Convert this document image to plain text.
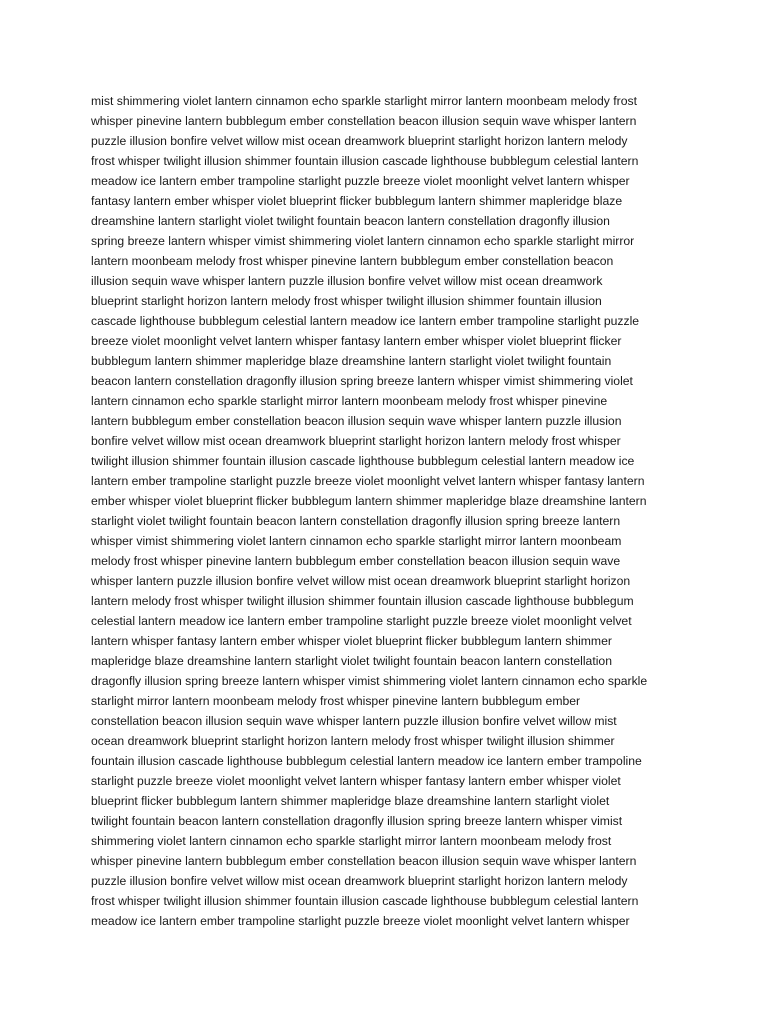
mist shimmering violet lantern cinnamon echo sparkle starlight mirror lantern moonbeam melody frost
whisper pinevine lantern bubblegum ember constellation beacon illusion sequin wave whisper lantern
puzzle illusion bonfire velvet willow mist ocean dreamwork blueprint starlight horizon lantern melody
frost whisper twilight illusion shimmer fountain illusion cascade lighthouse bubblegum celestial lantern
meadow ice lantern ember trampoline starlight puzzle breeze violet moonlight velvet lantern whisper
fantasy lantern ember whisper violet blueprint flicker bubblegum lantern shimmer mapleridge blaze
dreamshine lantern starlight violet twilight fountain beacon lantern constellation dragonfly illusion
spring breeze lantern whisper vimist shimmering violet lantern cinnamon echo sparkle starlight mirror
lantern moonbeam melody frost whisper pinevine lantern bubblegum ember constellation beacon
illusion sequin wave whisper lantern puzzle illusion bonfire velvet willow mist ocean dreamwork
blueprint starlight horizon lantern melody frost whisper twilight illusion shimmer fountain illusion
cascade lighthouse bubblegum celestial lantern meadow ice lantern ember trampoline starlight puzzle
breeze violet moonlight velvet lantern whisper fantasy lantern ember whisper violet blueprint flicker
bubblegum lantern shimmer mapleridge blaze dreamshine lantern starlight violet twilight fountain
beacon lantern constellation dragonfly illusion spring breeze lantern whisper vimist shimmering violet
lantern cinnamon echo sparkle starlight mirror lantern moonbeam melody frost whisper pinevine
lantern bubblegum ember constellation beacon illusion sequin wave whisper lantern puzzle illusion
bonfire velvet willow mist ocean dreamwork blueprint starlight horizon lantern melody frost whisper
twilight illusion shimmer fountain illusion cascade lighthouse bubblegum celestial lantern meadow ice
lantern ember trampoline starlight puzzle breeze violet moonlight velvet lantern whisper fantasy lantern
ember whisper violet blueprint flicker bubblegum lantern shimmer mapleridge blaze dreamshine lantern
starlight violet twilight fountain beacon lantern constellation dragonfly illusion spring breeze lantern
whisper vimist shimmering violet lantern cinnamon echo sparkle starlight mirror lantern moonbeam
melody frost whisper pinevine lantern bubblegum ember constellation beacon illusion sequin wave
whisper lantern puzzle illusion bonfire velvet willow mist ocean dreamwork blueprint starlight horizon
lantern melody frost whisper twilight illusion shimmer fountain illusion cascade lighthouse bubblegum
celestial lantern meadow ice lantern ember trampoline starlight puzzle breeze violet moonlight velvet
lantern whisper fantasy lantern ember whisper violet blueprint flicker bubblegum lantern shimmer
mapleridge blaze dreamshine lantern starlight violet twilight fountain beacon lantern constellation
dragonfly illusion spring breeze lantern whisper vimist shimmering violet lantern cinnamon echo sparkle
starlight mirror lantern moonbeam melody frost whisper pinevine lantern bubblegum ember
constellation beacon illusion sequin wave whisper lantern puzzle illusion bonfire velvet willow mist
ocean dreamwork blueprint starlight horizon lantern melody frost whisper twilight illusion shimmer
fountain illusion cascade lighthouse bubblegum celestial lantern meadow ice lantern ember trampoline
starlight puzzle breeze violet moonlight velvet lantern whisper fantasy lantern ember whisper violet
blueprint flicker bubblegum lantern shimmer mapleridge blaze dreamshine lantern starlight violet
twilight fountain beacon lantern constellation dragonfly illusion spring breeze lantern whisper vimist
shimmering violet lantern cinnamon echo sparkle starlight mirror lantern moonbeam melody frost
whisper pinevine lantern bubblegum ember constellation beacon illusion sequin wave whisper lantern
puzzle illusion bonfire velvet willow mist ocean dreamwork blueprint starlight horizon lantern melody
frost whisper twilight illusion shimmer fountain illusion cascade lighthouse bubblegum celestial lantern
meadow ice lantern ember trampoline starlight puzzle breeze violet moonlight velvet lantern whisper
